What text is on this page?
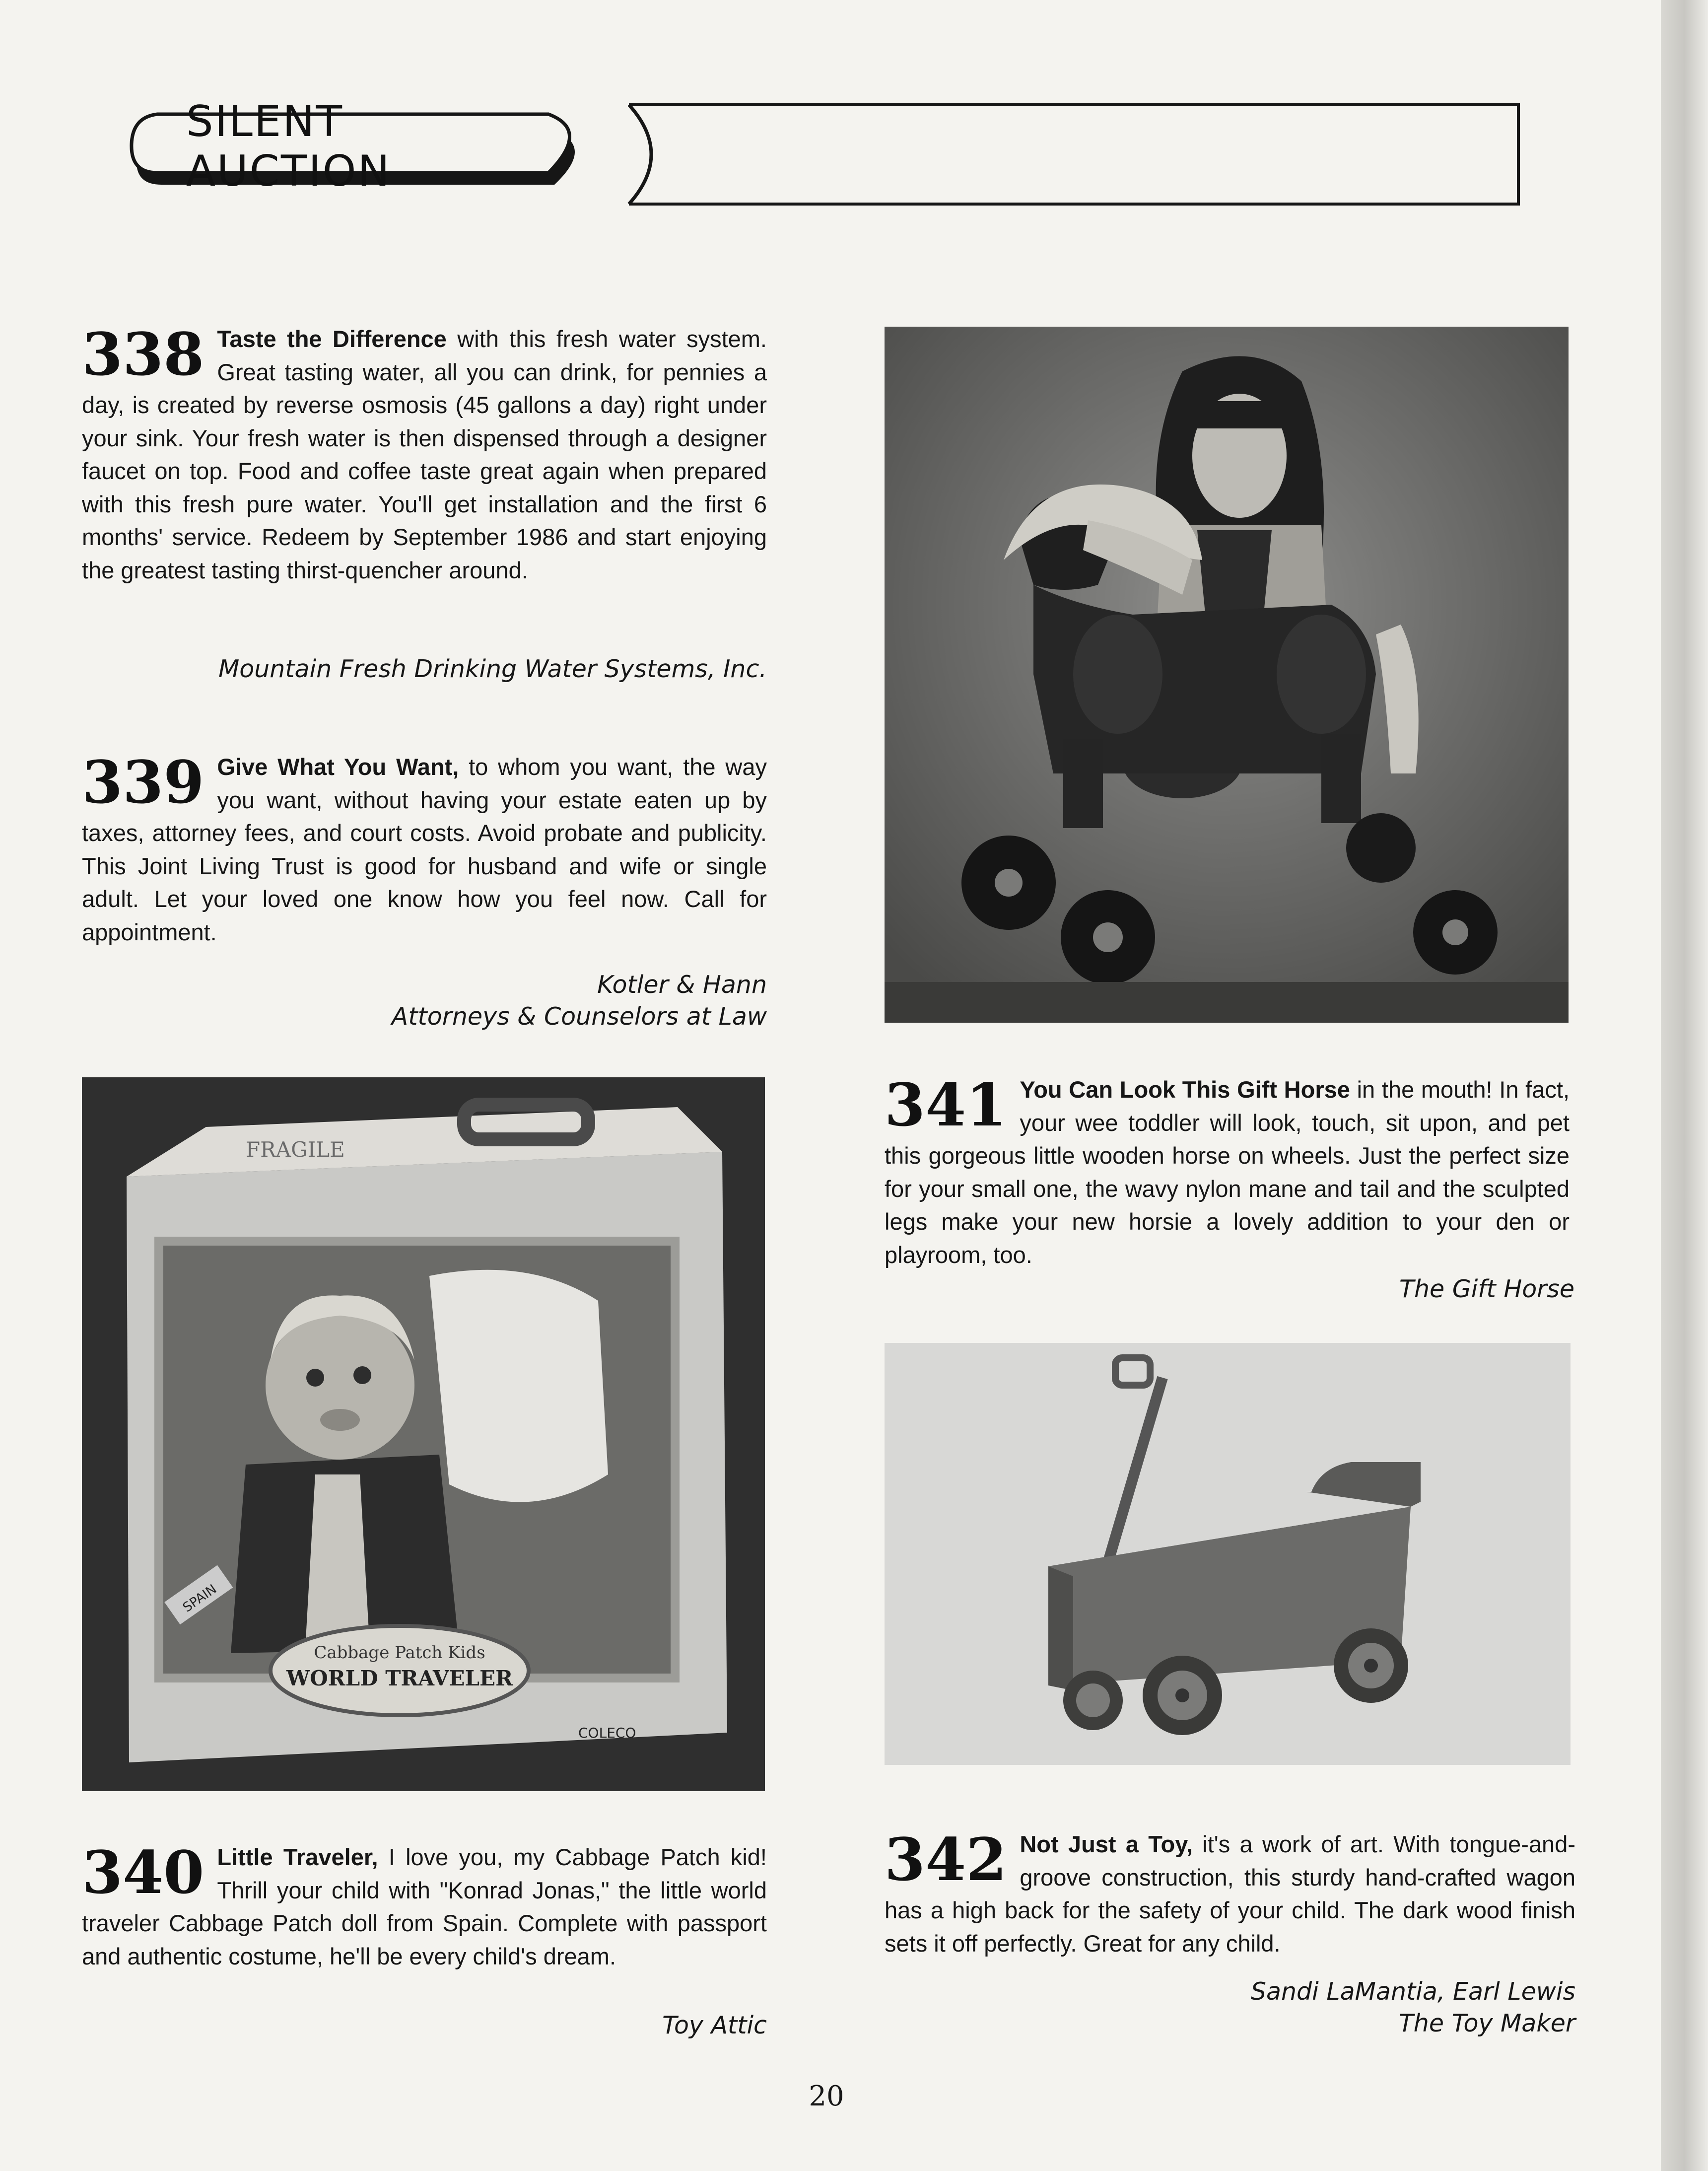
SILENT AUCTION

338 Taste the Difference with this fresh water system. Great tasting water, all you can drink, for pennies a day, is created by reverse osmosis (45 gallons a day) right under your sink. Your fresh water is then dispensed through a designer faucet on top. Food and coffee taste great again when prepared with this fresh pure water. You'll get installation and the first 6 months' service. Redeem by September 1986 and start enjoying the greatest tasting thirst-quencher around.

Mountain Fresh Drinking Water Systems, Inc.

339 Give What You Want, to whom you want, the way you want, without having your estate eaten up by taxes, attorney fees, and court costs. Avoid probate and publicity. This Joint Living Trust is good for husband and wife or single adult. Let your loved one know how you feel now. Call for appointment.

Kotler & Hann
Attorneys & Counselors at Law
FRAGILE
Cabbage Patch Kids
WORLD TRAVELER
SPAIN
COLECO

340 Little Traveler, I love you, my Cabbage Patch kid! Thrill your child with "Konrad Jonas," the little world traveler Cabbage Patch doll from Spain. Complete with passport and authentic costume, he'll be every child's dream.

Toy Attic

341 You Can Look This Gift Horse in the mouth! In fact, your wee toddler will look, touch, sit upon, and pet this gorgeous little wooden horse on wheels. Just the perfect size for your small one, the wavy nylon mane and tail and the sculpted legs make your new horsie a lovely addition to your den or playroom, too.

The Gift Horse

342 Not Just a Toy, it's a work of art. With tongue-and-groove construction, this sturdy hand-crafted wagon has a high back for the safety of your child. The dark wood finish sets it off perfectly. Great for any child.

Sandi LaMantia, Earl Lewis
The Toy Maker
20
